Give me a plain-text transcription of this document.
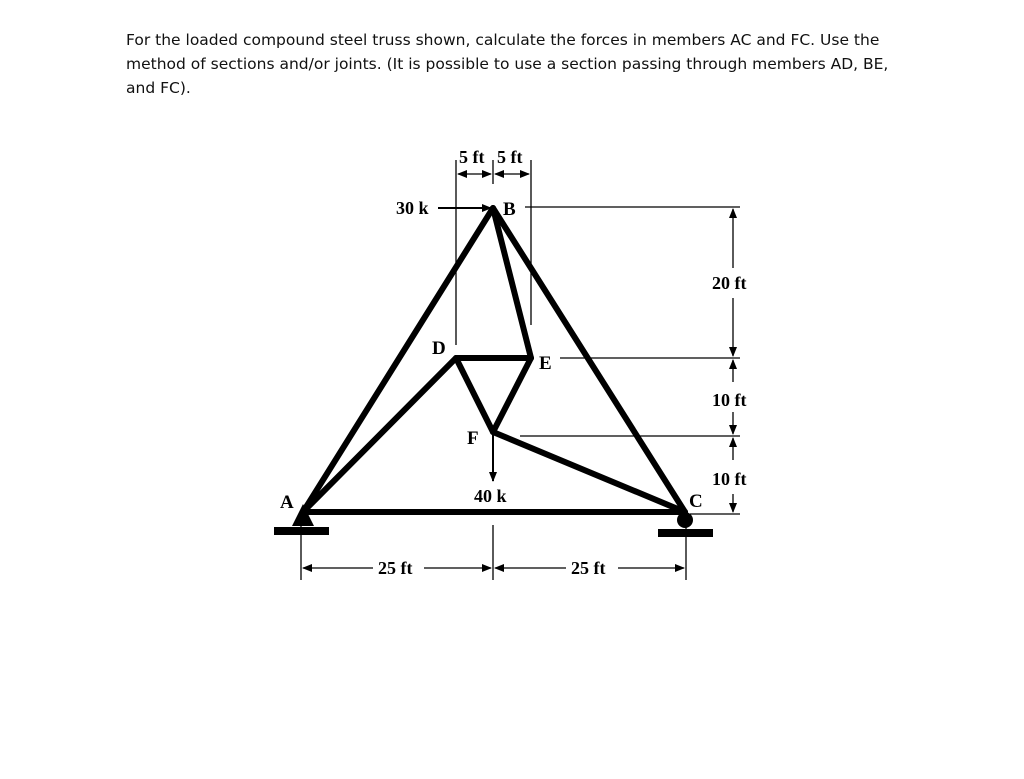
For the loaded compound steel truss shown, calculate the forces in members AC and FC. Use the
method of sections and/or joints. (It is possible to use a section passing through members AD, BE,
and FC).
30 k
40 k
A
B
C
D
E
F
5 ft 5 ft
20 ft
10 ft
10 ft
25 ft	25 ft
